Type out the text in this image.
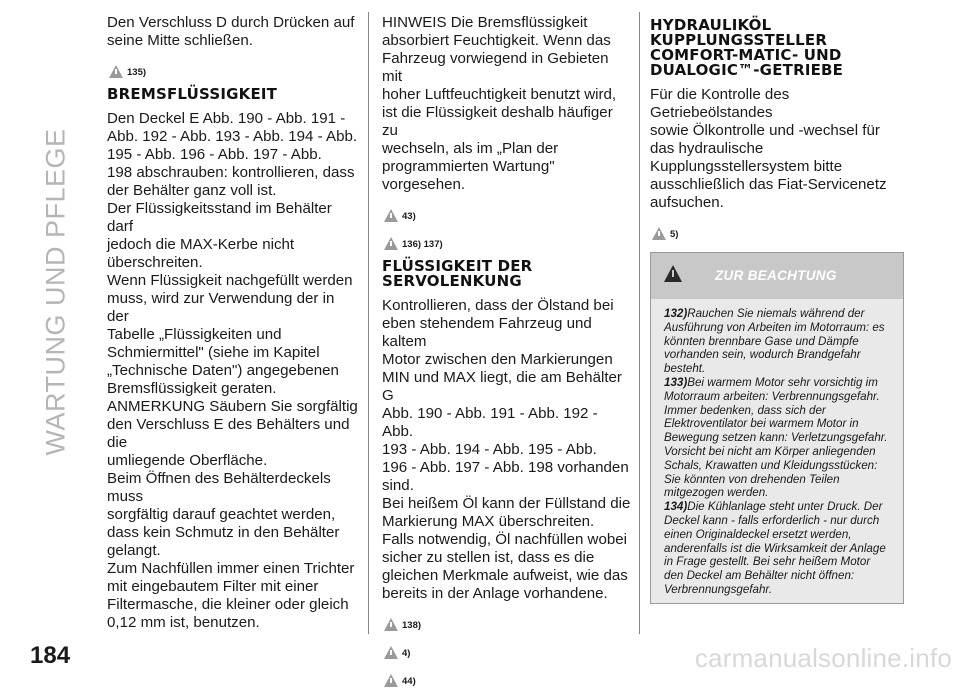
WARTUNG UND PFLEGE
184

Den Verschluss D durch Drücken auf

seine Mitte schließen.

135)
BREMSFLÜSSIGKEIT

Den Deckel E Abb. 190 - Abb. 191 -

Abb. 192 - Abb. 193 - Abb. 194 - Abb.

195 - Abb. 196 - Abb. 197 - Abb.

198 abschrauben: kontrollieren, dass

der Behälter ganz voll ist.

Der Flüssigkeitsstand im Behälter darf

jedoch die MAX-Kerbe nicht

überschreiten.

Wenn Flüssigkeit nachgefüllt werden

muss, wird zur Verwendung der in der

Tabelle „Flüssigkeiten und

Schmiermittel" (siehe im Kapitel

„Technische Daten") angegebenen

Bremsflüssigkeit geraten.

ANMERKUNG Säubern Sie sorgfältig

den Verschluss E des Behälters und die

umliegende Oberfläche.

Beim Öffnen des Behälterdeckels muss

sorgfältig darauf geachtet werden,

dass kein Schmutz in den Behälter

gelangt.

Zum Nachfüllen immer einen Trichter

mit eingebautem Filter mit einer

Filtermasche, die kleiner oder gleich

0,12 mm ist, benutzen.

HINWEIS Die Bremsflüssigkeit

absorbiert Feuchtigkeit. Wenn das

Fahrzeug vorwiegend in Gebieten mit

hoher Luftfeuchtigkeit benutzt wird,

ist die Flüssigkeit deshalb häufiger zu

wechseln, als im „Plan der

programmierten Wartung" vorgesehen.

43)
136) 137)
FLÜSSIGKEIT DER
SERVOLENKUNG

Kontrollieren, dass der Ölstand bei

eben stehendem Fahrzeug und kaltem

Motor zwischen den Markierungen

MIN und MAX liegt, die am Behälter G

Abb. 190 - Abb. 191 - Abb. 192 - Abb.

193 - Abb. 194 - Abb. 195 - Abb.

196 - Abb. 197 - Abb. 198 vorhanden

sind.

Bei heißem Öl kann der Füllstand die

Markierung MAX überschreiten.

Falls notwendig, Öl nachfüllen wobei

sicher zu stellen ist, dass es die

gleichen Merkmale aufweist, wie das

bereits in der Anlage vorhandene.

138)
4)
44)
HYDRAULIKÖL
KUPPLUNGSSTELLER
COMFORT-MATIC- UND
DUALOGIC™-GETRIEBE

Für die Kontrolle des Getriebeölstandes

sowie Ölkontrolle und -wechsel für

das hydraulische

Kupplungsstellersystem bitte

ausschließlich das Fiat-Servicenetz

aufsuchen.

5)
ZUR BEACHTUNG

132)Rauchen Sie niemals während der Ausführung von Arbeiten im Motorraum: es könnten brennbare Gase und Dämpfe vorhanden sein, wodurch Brandgefahr besteht.

133)Bei warmem Motor sehr vorsichtig im Motorraum arbeiten: Verbrennungsgefahr. Immer bedenken, dass sich der Elektroventilator bei warmem Motor in Bewegung setzen kann: Verletzungsgefahr. Vorsicht bei nicht am Körper anliegenden Schals, Krawatten und Kleidungsstücken: Sie könnten von drehenden Teilen mitgezogen werden.

134)Die Kühlanlage steht unter Druck. Der Deckel kann - falls erforderlich - nur durch einen Originaldeckel ersetzt werden, anderenfalls ist die Wirksamkeit der Anlage in Frage gestellt. Bei sehr heißem Motor den Deckel am Behälter nicht öffnen: Verbrennungsgefahr.

carmanualsonline.info
